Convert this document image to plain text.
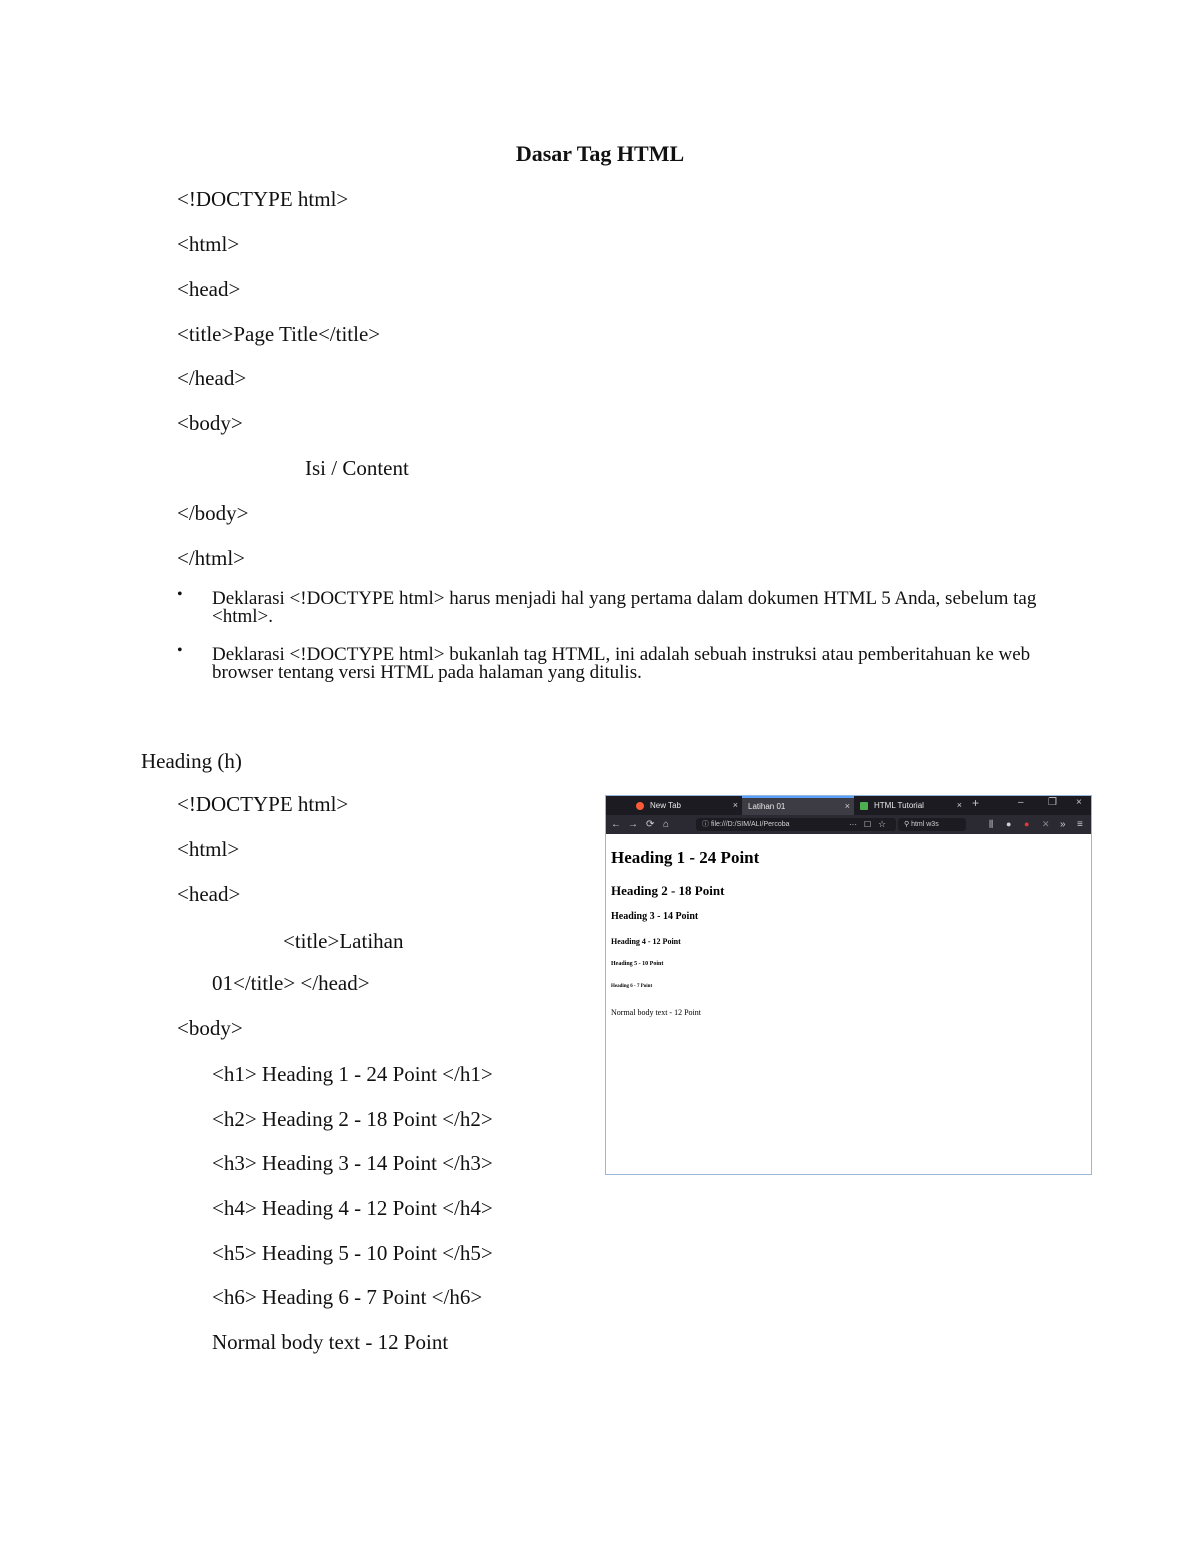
Dasar Tag HTML
<!DOCTYPE html>
<html>
<head>
<title>Page Title</title>
</head>
<body>
Isi / Content
</body>
</html>
• Deklarasi <!DOCTYPE html> harus menjadi hal yang pertama dalam dokumen HTML 5 Anda, sebelum tag <html>.
• Deklarasi <!DOCTYPE html> bukanlah tag HTML, ini adalah sebuah instruksi atau pemberitahuan ke web browser tentang versi HTML pada halaman yang ditulis.
Heading (h)
<!DOCTYPE html>
<html>
<head>
<title>Latihan
01</title> </head>
<body>
<h1> Heading 1 - 24 Point </h1>
<h2> Heading 2 - 18 Point </h2>
<h3> Heading 3 - 14 Point </h3>
<h4> Heading 4 - 12 Point </h4>
<h5> Heading 5 - 10 Point </h5>
<h6> Heading 6 - 7 Point </h6>
Normal body text - 12 Point
New Tab	×	Latihan 01	×	HTML Tutorial	× +	– ❐ ×
← → ⟳ ⌂	ⓘ file:///D:/SIM/ALI/Percoba	··· ☐ ☆	⚲ html w3s	⫼ ● ● ✕ » ≡
Heading 1 - 24 Point
Heading 2 - 18 Point
Heading 3 - 14 Point
Heading 4 - 12 Point
Heading 5 - 10 Point
Heading 6 - 7 Point
Normal body text - 12 Point
